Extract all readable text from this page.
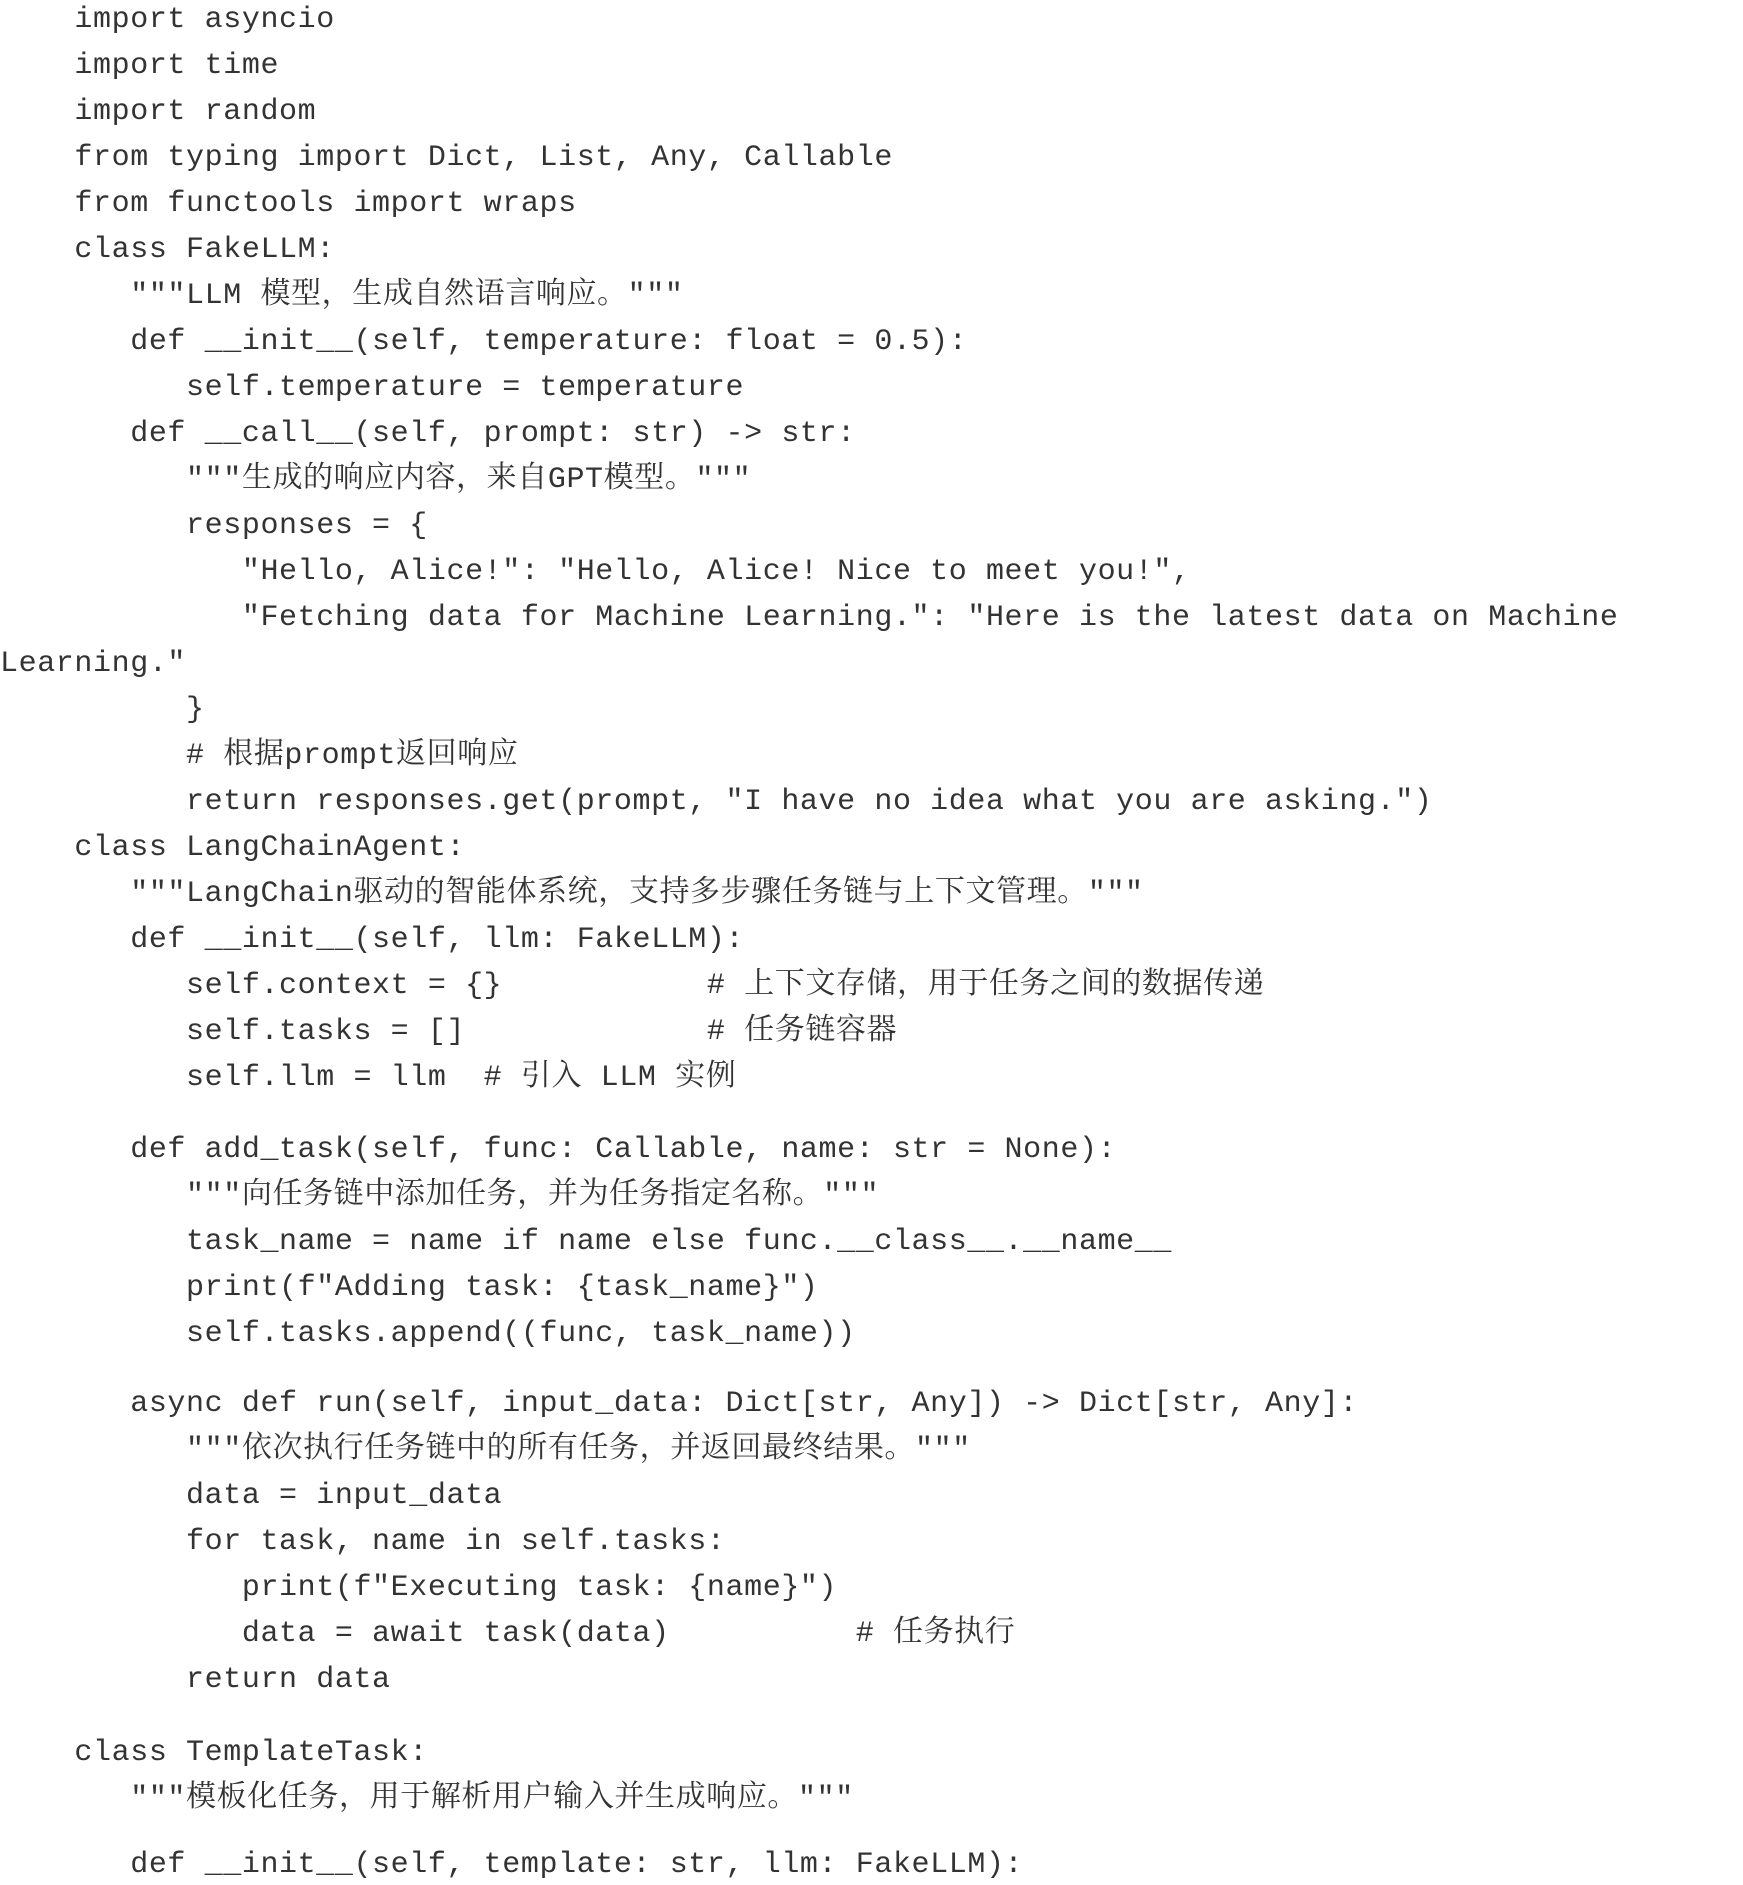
import asyncio
import time
import random
from typing import Dict, List, Any, Callable
from functools import wraps
class FakeLLM:
"""LLM 模型，生成自然语言响应。"""
def __init__(self, temperature: float = 0.5):
self.temperature = temperature
def __call__(self, prompt: str) -> str:
"""生成的响应内容，来自GPT模型。"""
responses = {
"Hello, Alice!": "Hello, Alice! Nice to meet you!",
"Fetching data for Machine Learning.": "Here is the latest data on Machine
Learning."
}
# 根据prompt返回响应
return responses.get(prompt, "I have no idea what you are asking.")
class LangChainAgent:
"""LangChain驱动的智能体系统，支持多步骤任务链与上下文管理。"""
def __init__(self, llm: FakeLLM):
self.context = {}           # 上下文存储，用于任务之间的数据传递
self.tasks = []             # 任务链容器
self.llm = llm  # 引入 LLM 实例
def add_task(self, func: Callable, name: str = None):
"""向任务链中添加任务，并为任务指定名称。"""
task_name = name if name else func.__class__.__name__
print(f"Adding task: {task_name}")
self.tasks.append((func, task_name))
async def run(self, input_data: Dict[str, Any]) -> Dict[str, Any]:
"""依次执行任务链中的所有任务，并返回最终结果。"""
data = input_data
for task, name in self.tasks:
print(f"Executing task: {name}")
data = await task(data)          # 任务执行
return data
class TemplateTask:
"""模板化任务，用于解析用户输入并生成响应。"""
def __init__(self, template: str, llm: FakeLLM):
